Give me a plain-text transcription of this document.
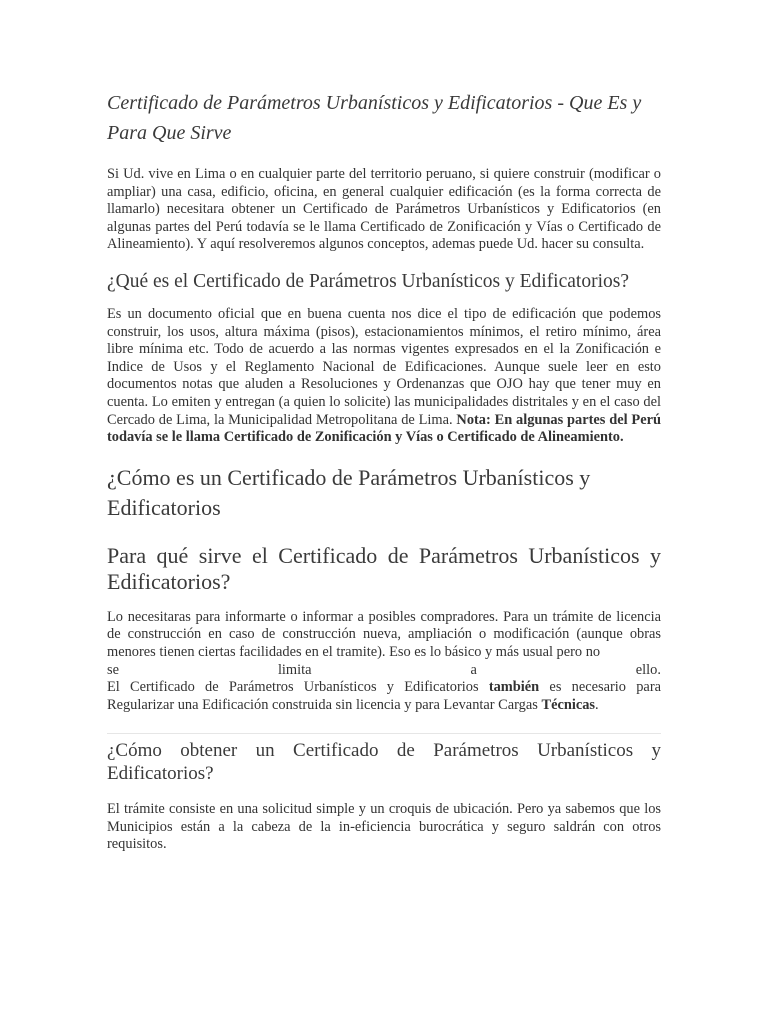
Certificado de Parámetros Urbanísticos y Edificatorios - Que Es y Para Que Sirve

Si Ud. vive en Lima o en cualquier parte del territorio peruano, si quiere construir (modificar o ampliar) una casa, edificio, oficina, en general cualquier edificación (es la forma correcta de llamarlo) necesitara obtener un Certificado de Parámetros Urbanísticos y Edificatorios (en algunas partes del Perú todavía se le llama Certificado de Zonificación y Vías o Certificado de Alineamiento). Y aquí resolveremos algunos conceptos, ademas puede Ud. hacer su consulta.

¿Qué es el Certificado de Parámetros Urbanísticos y Edificatorios?

Es un documento oficial que en buena cuenta nos dice el tipo de edificación que podemos construir, los usos, altura máxima (pisos), estacionamientos mínimos, el retiro mínimo, área libre mínima etc. Todo de acuerdo a las normas vigentes expresados en el la Zonificación e Indice de Usos y el Reglamento Nacional de Edificaciones. Aunque suele leer en esto documentos notas que aluden a Resoluciones y Ordenanzas que OJO hay que tener muy en cuenta. Lo emiten y entregan (a quien lo solicite) las municipalidades distritales y en el caso del Cercado de Lima, la Municipalidad Metropolitana de Lima. Nota: En algunas partes del Perú todavía se le llama Certificado de Zonificación y Vías o Certificado de Alineamiento.

¿Cómo es un Certificado de Parámetros Urbanísticos y Edificatorios
Para qué sirve el Certificado de Parámetros Urbanísticos y Edificatorios?
Lo necesitaras para informarte o informar a posibles compradores. Para un trámite de licencia de construcción en caso de construcción nueva, ampliación o modificación (aunque obras menores tienen ciertas facilidades en el tramite). Eso es lo básico y más usual pero no
se	limita	a	ello.
El Certificado de Parámetros Urbanísticos y Edificatorios también es necesario para Regularizar una Edificación construida sin licencia y para Levantar Cargas Técnicas.
¿Cómo obtener un Certificado de Parámetros Urbanísticos y Edificatorios?

El trámite consiste en una solicitud simple y un croquis de ubicación. Pero ya sabemos que los Municipios están a la cabeza de la in-eficiencia burocrática y seguro saldrán con otros requisitos.
